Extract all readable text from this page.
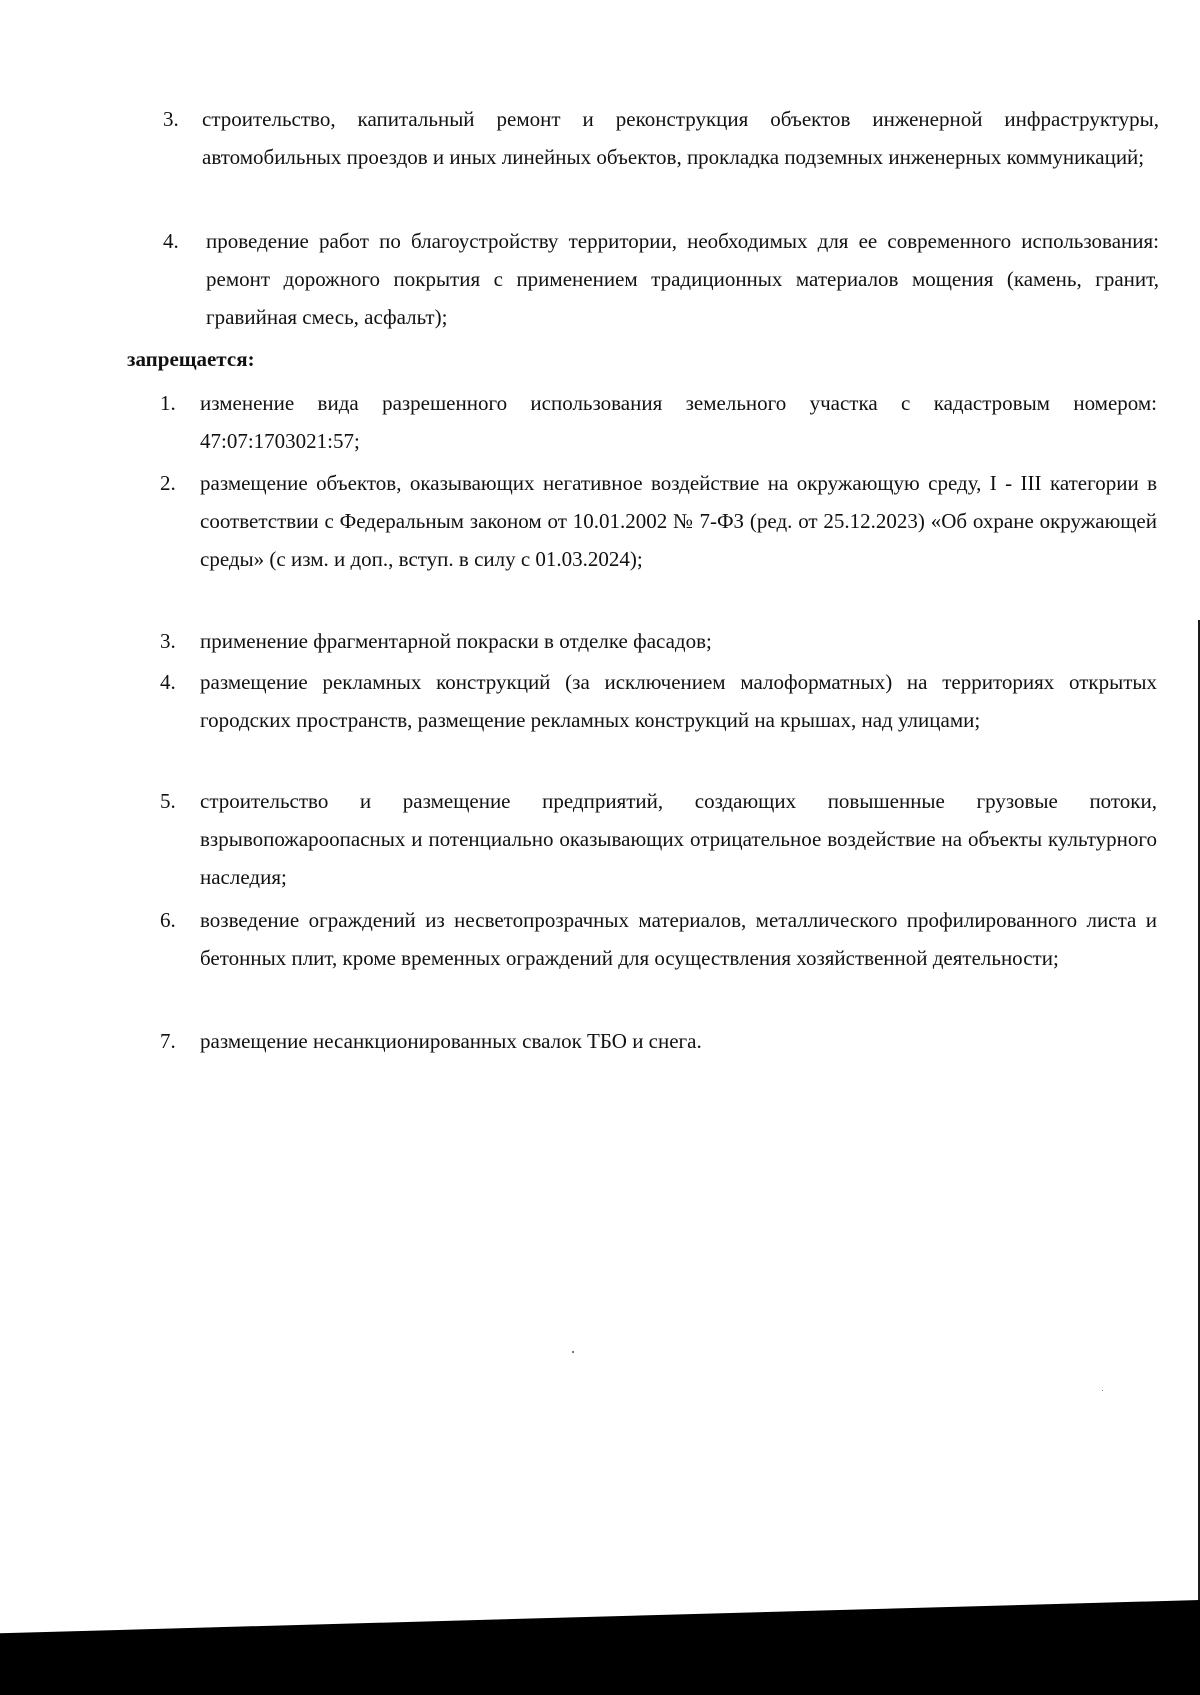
3. строительство, капитальный ремонт и реконструкция объектов инженерной инфраструктуры, автомобильных проездов и иных линейных объектов, прокладка подземных инженерных коммуникаций;
4. проведение работ по благоустройству территории, необходимых для ее современного использования: ремонт дорожного покрытия с применением традиционных материалов мощения (камень, гранит, гравийная смесь, асфальт);
запрещается:
1. изменение вида разрешенного использования земельного участка с кадастровым номером: 47:07:1703021:57;
2. размещение объектов, оказывающих негативное воздействие на окружающую среду, I - III категории в соответствии с Федеральным законом от 10.01.2002 № 7-ФЗ (ред. от 25.12.2023) «Об охране окружающей среды» (с изм. и доп., вступ. в силу с 01.03.2024);
3. применение фрагментарной покраски в отделке фасадов;
4. размещение рекламных конструкций (за исключением малоформатных) на территориях открытых городских пространств, размещение рекламных конструкций на крышах, над улицами;
5. строительство и размещение предприятий, создающих повышенные грузовые потоки, взрывопожароопасных и потенциально оказывающих отрицательное воздействие на объекты культурного наследия;
6. возведение ограждений из несветопрозрачных материалов, металлического профилированного листа и бетонных плит, кроме временных ограждений для осуществления хозяйственной деятельности;
7. размещение несанкционированных свалок ТБО и снега.
